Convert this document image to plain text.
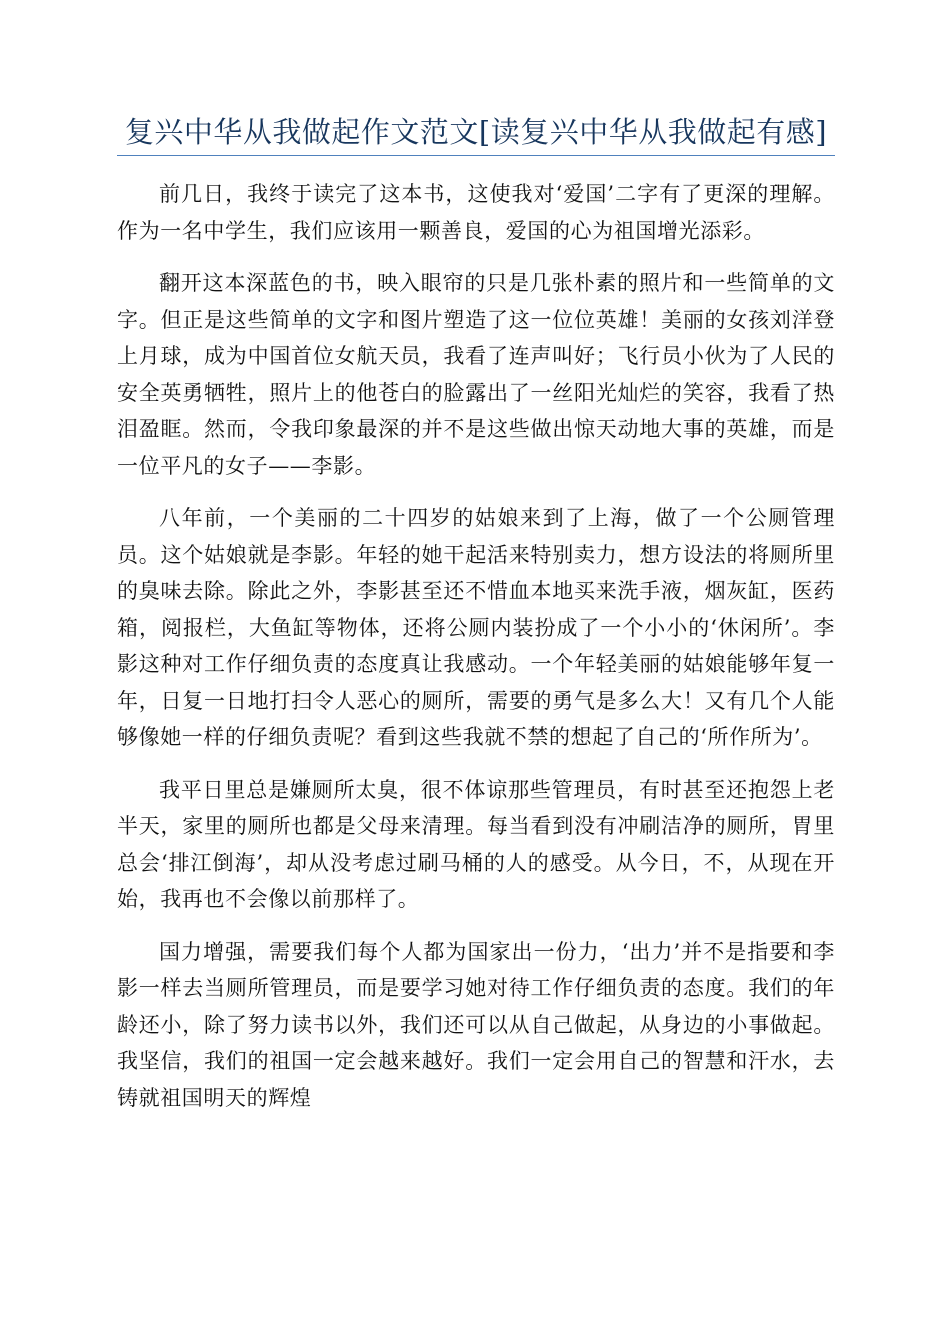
复兴中华从我做起作文范文[读复兴中华从我做起有感]

前几日，我终于读完了这本书，这使我对‘爱国’二字有了更深的理解。作为一名中学生，我们应该用一颗善良，爱国的心为祖国增光添彩。

翻开这本深蓝色的书，映入眼帘的只是几张朴素的照片和一些简单的文字。但正是这些简单的文字和图片塑造了这一位位英雄！美丽的女孩刘洋登上月球，成为中国首位女航天员，我看了连声叫好；飞行员小伙为了人民的安全英勇牺牲，照片上的他苍白的脸露出了一丝阳光灿烂的笑容，我看了热泪盈眶。然而，令我印象最深的并不是这些做出惊天动地大事的英雄，而是一位平凡的女子——李影。

八年前，一个美丽的二十四岁的姑娘来到了上海，做了一个公厕管理员。这个姑娘就是李影。年轻的她干起活来特别卖力，想方设法的将厕所里的臭味去除。除此之外，李影甚至还不惜血本地买来洗手液，烟灰缸，医药箱，阅报栏，大鱼缸等物体，还将公厕内装扮成了一个小小的‘休闲所’。李影这种对工作仔细负责的态度真让我感动。一个年轻美丽的姑娘能够年复一年，日复一日地打扫令人恶心的厕所，需要的勇气是多么大！又有几个人能够像她一样的仔细负责呢？看到这些我就不禁的想起了自己的‘所作所为’。

我平日里总是嫌厕所太臭，很不体谅那些管理员，有时甚至还抱怨上老半天，家里的厕所也都是父母来清理。每当看到没有冲刷洁净的厕所，胃里总会‘排江倒海’，却从没考虑过刷马桶的人的感受。从今日，不，从现在开始，我再也不会像以前那样了。

国力增强，需要我们每个人都为国家出一份力，‘出力’并不是指要和李影一样去当厕所管理员，而是要学习她对待工作仔细负责的态度。我们的年龄还小，除了努力读书以外，我们还可以从自己做起，从身边的小事做起。我坚信，我们的祖国一定会越来越好。我们一定会用自己的智慧和汗水，去铸就祖国明天的辉煌
